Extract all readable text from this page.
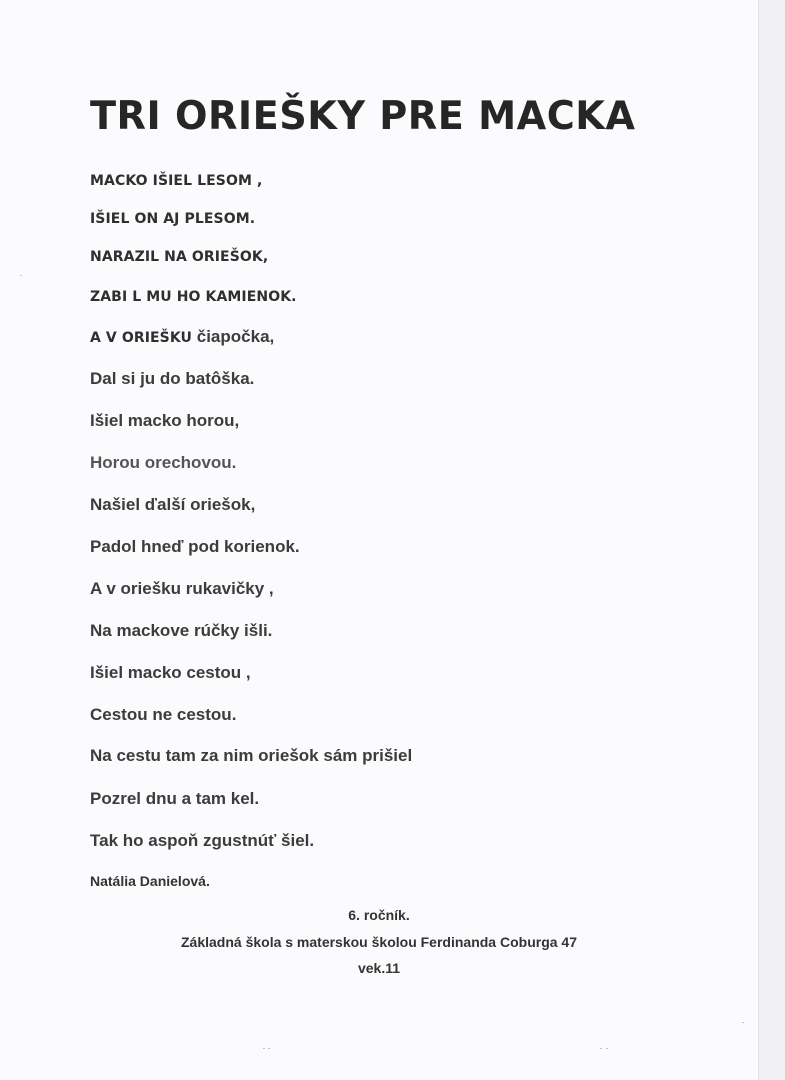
TRI ORIEŠKY PRE MACKA
MACKO IŠIEL LESOM ,
IŠIEL ON AJ PLESOM.
NARAZIL NA ORIEŠOK,
ZABI L MU HO KAMIENOK.
A V ORIEŠKU čiapočka,
Dal si ju do batôška.
Išiel macko horou,
Horou orechovou.
Našiel ďalší oriešok,
Padol hneď pod korienok.
A v oriešku rukavičky ,
Na mackove rúčky išli.
Išiel macko cestou ,
Cestou ne cestou.
Na cestu tam za nim oriešok sám prišiel
Pozrel dnu a tam kel.
Tak ho aspoň zgustnúť šiel.
Natália Danielová.
6. ročník.
Základná škola s materskou školou Ferdinanda Coburga 47
vek.11
